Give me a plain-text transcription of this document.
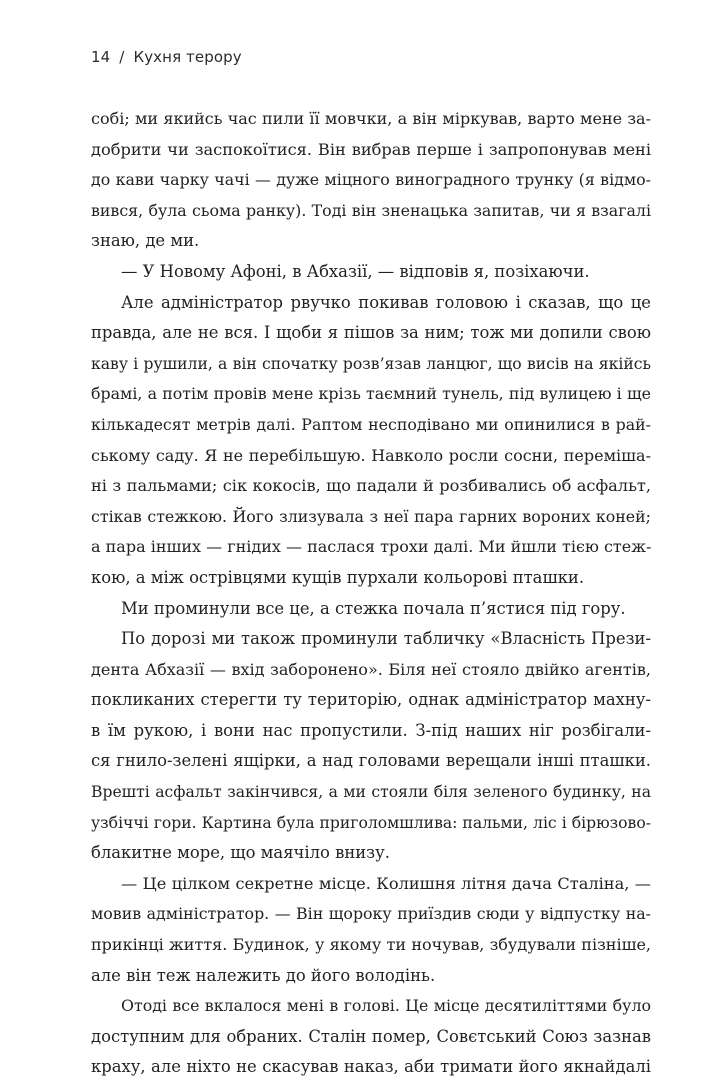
14 / Кухня терору
собі; ми якийсь час пили її мовчки, а він міркував, варто мене за-
добрити чи заспокоїтися. Він вибрав перше і запропонував мені
до кави чарку чачі — дуже міцного виноградного трунку (я відмо-
вився, була сьома ранку). Тоді він зненацька запитав, чи я взагалі
знаю, де ми.
— У Новому Афоні, в Абхазії, — відповів я, позіхаючи.
Але адміністратор рвучко покивав головою і сказав, що це
правда, але не вся. І щоби я пішов за ним; тож ми допили свою
каву і рушили, а він спочатку розв’язав ланцюг, що висів на якійсь
брамі, а потім провів мене крізь таємний тунель, під вулицею і ще
кількадесят метрів далі. Раптом несподівано ми опинилися в рай-
ському саду. Я не перебільшую. Навколо росли сосни, перемішa-
ні з пальмами; сік кокосів, що падали й розбивались об асфальт,
стікав стежкою. Його злизувала з неї пара гарних вороних коней;
а пара інших — гнідих — паслася трохи далі. Ми йшли тією стеж-
кою, а між острівцями кущів пурхали кольорові пташки.
Ми проминули все це, а стежка почала п’ястися під гору.
По дорозі ми також проминули табличку «Власність Прези-
дента Абхазії — вхід заборонено». Біля неї стояло двійко агентів,
покликаних стерегти ту територію, однак адміністратор махну-
в їм рукою, і вони нас пропустили. З-під наших ніг розбігали-
ся гнило-зелені ящірки, а над головами верещали інші пташки.
Врешті асфальт закінчився, а ми стояли біля зеленого будинку, на
узбіччі гори. Картина була приголомшлива: пальми, ліс і бірюзово-
блакитне море, що маячіло внизу.
— Це цілком секретне місце. Колишня літня дача Сталіна, —
мовив адміністратор. — Він щороку приїздив сюди у відпустку на-
прикінці життя. Будинок, у якому ти ночував, збудували пізніше,
але він теж належить до його володінь.
Отоді все вклалося мені в голові. Це місце десятиліттями було
доступним для обраних. Сталін помер, Совєтський Союз зазнав
краху, але ніхто не скасував наказ, аби тримати його якнайдалі
